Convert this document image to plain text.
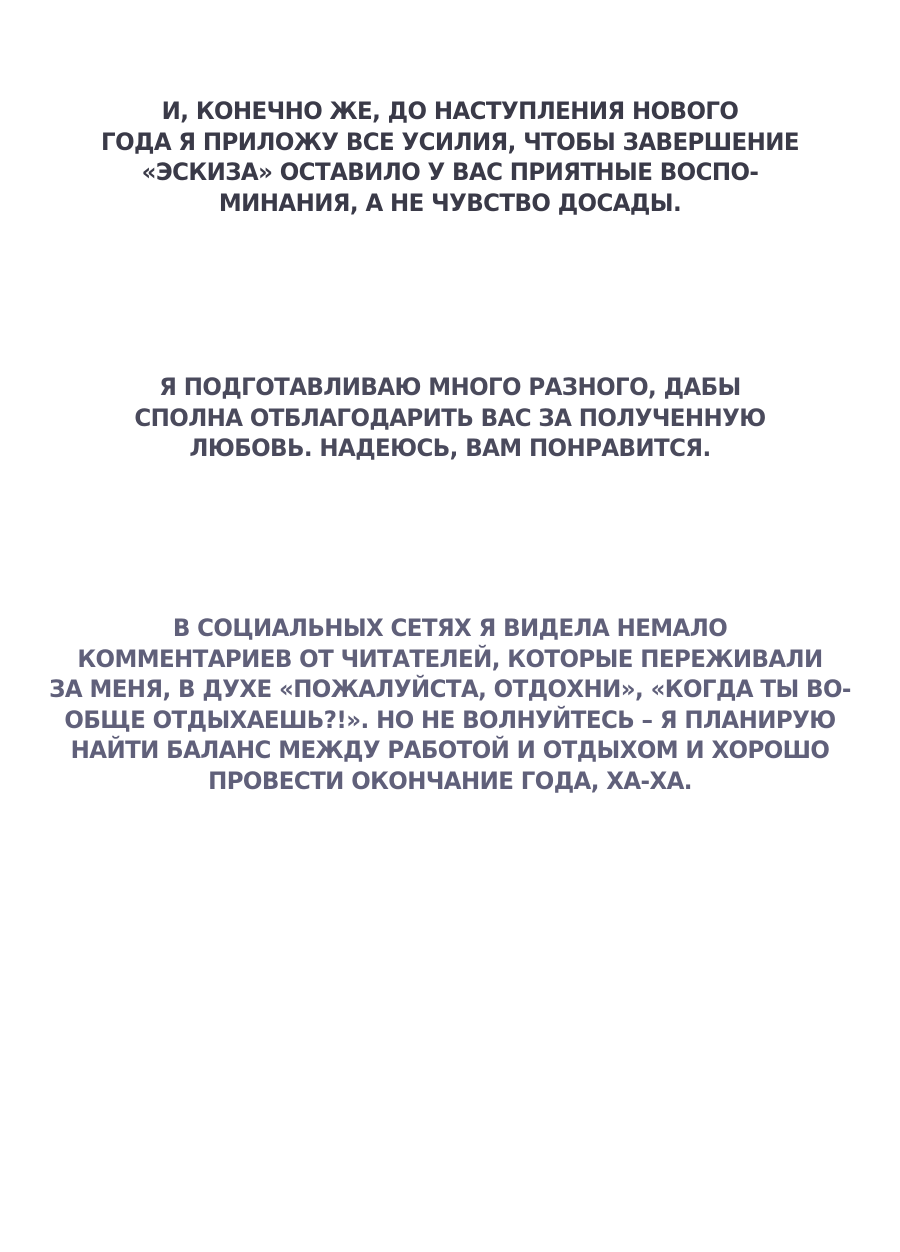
И, КОНЕЧНО ЖЕ, ДО НАСТУПЛЕНИЯ НОВОГО
ГОДА Я ПРИЛОЖУ ВСЕ УСИЛИЯ, ЧТОБЫ ЗАВЕРШЕНИЕ
«ЭСКИЗА» ОСТАВИЛО У ВАС ПРИЯТНЫЕ ВОСПО-
МИНАНИЯ, А НЕ ЧУВСТВО ДОСАДЫ.
Я ПОДГОТАВЛИВАЮ МНОГО РАЗНОГО, ДАБЫ
СПОЛНА ОТБЛАГОДАРИТЬ ВАС ЗА ПОЛУЧЕННУЮ
ЛЮБОВЬ. НАДЕЮСЬ, ВАМ ПОНРАВИТСЯ.
В СОЦИАЛЬНЫХ СЕТЯХ Я ВИДЕЛА НЕМАЛО
КОММЕНТАРИЕВ ОТ ЧИТАТЕЛЕЙ, КОТОРЫЕ ПЕРЕЖИВАЛИ
ЗА МЕНЯ, В ДУХЕ «ПОЖАЛУЙСТА, ОТДОХНИ», «КОГДА ТЫ ВО-
ОБЩЕ ОТДЫХАЕШЬ?!». НО НЕ ВОЛНУЙТЕСЬ – Я ПЛАНИРУЮ
НАЙТИ БАЛАНС МЕЖДУ РАБОТОЙ И ОТДЫХОМ И ХОРОШО
ПРОВЕСТИ ОКОНЧАНИЕ ГОДА, ХА-ХА.
